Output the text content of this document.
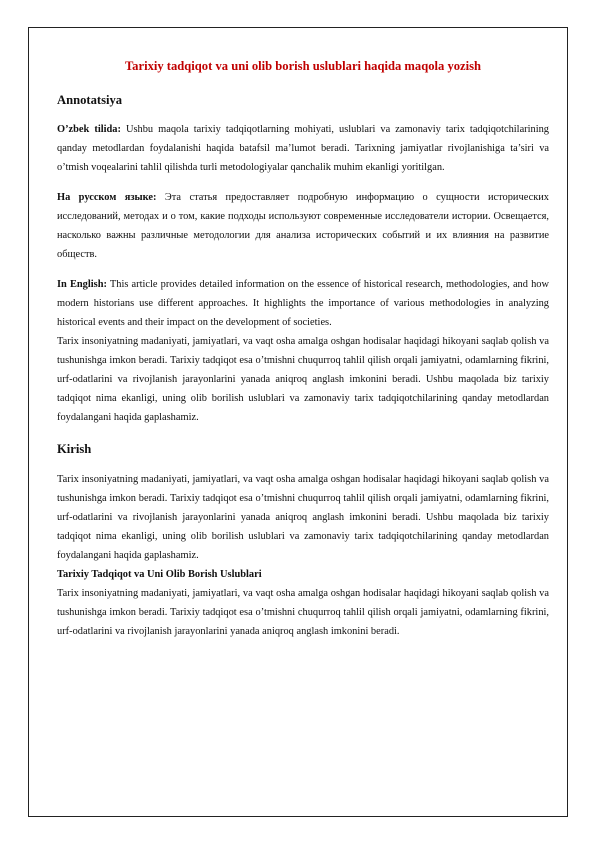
Tarixiy tadqiqot va uni olib borish uslublari haqida maqola yozish
Annotatsiya

O’zbek tilida: Ushbu maqola tarixiy tadqiqotlarning mohiyati, uslublari va zamonaviy tarix tadqiqotchilarining qanday metodlardan foydalanishi haqida batafsil ma’lumot beradi. Tarixning jamiyatlar rivojlanishiga ta’siri va o’tmish voqealarini tahlil qilishda turli metodologiyalar qanchalik muhim ekanligi yoritilgan.

На русском языке: Эта статья предоставляет подробную информацию о сущности исторических исследований, методах и о том, какие подходы используют современные исследователи истории. Освещается, насколько важны различные методологии для анализа исторических событий и их влияния на развитие обществ.

In English: This article provides detailed information on the essence of historical research, methodologies, and how modern historians use different approaches. It highlights the importance of various methodologies in analyzing historical events and their impact on the development of societies.

Tarix insoniyatning madaniyati, jamiyatlari, va vaqt osha amalga oshgan hodisalar haqidagi hikoyani saqlab qolish va tushunishga imkon beradi. Tarixiy tadqiqot esa o’tmishni chuqurroq tahlil qilish orqali jamiyatni, odamlarning fikrini, urf-odatlarini va rivojlanish jarayonlarini yanada aniqroq anglash imkonini beradi. Ushbu maqolada biz tarixiy tadqiqot nima ekanligi, uning olib borilish uslublari va zamonaviy tarix tadqiqotchilarining qanday metodlardan foydalangani haqida gaplashamiz.

Kirish

Tarix insoniyatning madaniyati, jamiyatlari, va vaqt osha amalga oshgan hodisalar haqidagi hikoyani saqlab qolish va tushunishga imkon beradi. Tarixiy tadqiqot esa o’tmishni chuqurroq tahlil qilish orqali jamiyatni, odamlarning fikrini, urf-odatlarini va rivojlanish jarayonlarini yanada aniqroq anglash imkonini beradi. Ushbu maqolada biz tarixiy tadqiqot nima ekanligi, uning olib borilish uslublari va zamonaviy tarix tadqiqotchilarining qanday metodlardan foydalangani haqida gaplashamiz.

Tarixiy Tadqiqot va Uni Olib Borish Uslublari

Tarix insoniyatning madaniyati, jamiyatlari, va vaqt osha amalga oshgan hodisalar haqidagi hikoyani saqlab qolish va tushunishga imkon beradi. Tarixiy tadqiqot esa o’tmishni chuqurroq tahlil qilish orqali jamiyatni, odamlarning fikrini, urf-odatlarini va rivojlanish jarayonlarini yanada aniqroq anglash imkonini beradi.
